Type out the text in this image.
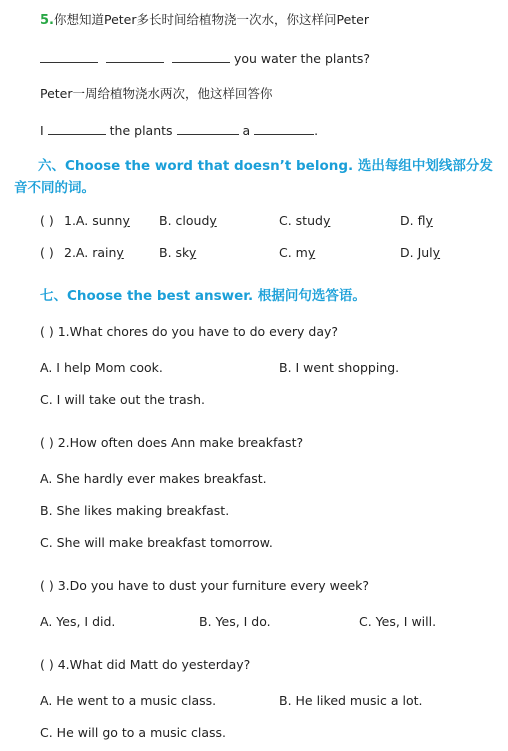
5.你想知道Peter多长时间给植物浇一次水，你这样问Peter
you water the plants?
Peter一周给植物浇水两次，他这样回答你
I	the plants	a	.
六、Choose the word that doesn’t belong. 选出每组中划线部分发音不同的词。
( ) 1.A. sunny B. cloudy	C. study	D. fly
( ) 2.A. rainy	B. sky	C. my	D. July
七、Choose the best answer. 根据问句选答语。
( ) 1.What chores do you have to do every day?
A. I help Mom cook.	B. I went shopping.
C. I will take out the trash.
( ) 2.How often does Ann make breakfast?
A. She hardly ever makes breakfast.
B. She likes making breakfast.
C. She will make breakfast tomorrow.
( ) 3.Do you have to dust your furniture every week?
A. Yes, I did.	B. Yes, I do.	C. Yes, I will.
( ) 4.What did Matt do yesterday?
A. He went to a music class.	B. He liked music a lot.
C. He will go to a music class.
